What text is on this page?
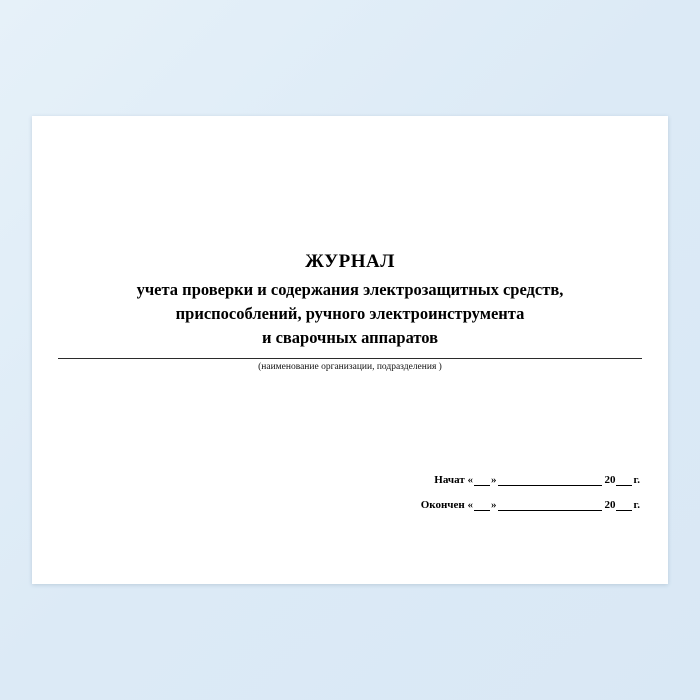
ЖУРНАЛ
учета проверки и содержания электрозащитных средств,
приспособлений, ручного электроинструмента
и сварочных аппаратов
(наименование организации, подразделения )
Начат « »	20 г.
Окончен « »	20 г.
